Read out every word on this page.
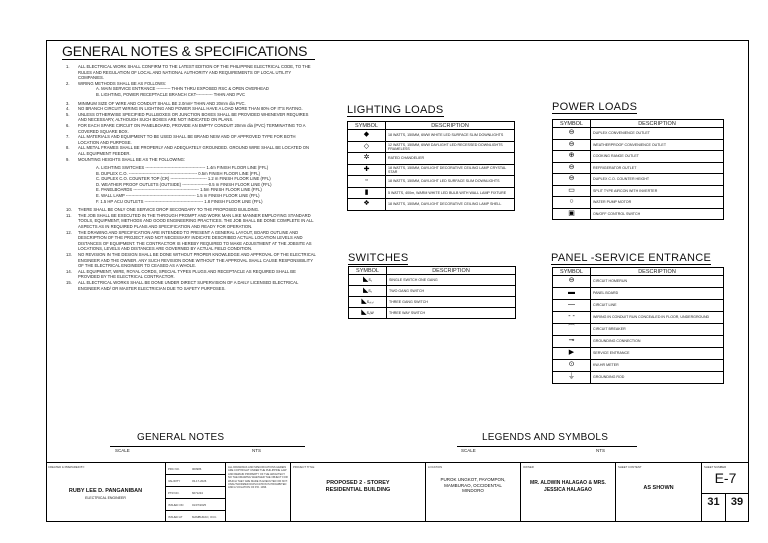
GENERAL NOTES & SPECIFICATIONS
1.	ALL ELECTRICAL WORK SHALL CONFIRM TO THE LATEST EDITION OF THE PHILIPPINE ELECTRICAL CODE, TO THE RULES AND REGULATION OF LOCAL AND NATIONAL AUTHORITY AND REQUIREMENTS OF LOCAL UTILITY COMPANIES.
2.	WIRING METHODS SHALL BE AS FOLLOWS:
A. MAIN SERVICE ENTRANCE ---------- THHN THRU EXPOSED RSC & OPEN OVERHEAD
B. LIGHTING, POWER RECEPTACLE BRANCH CKT------------ THHN AND PVC
3.	MINIMUM SIZE OF WIRE AND CONDUIT SHALL BE 2.0mm² THHN AND 20mm dia PVC.
4.	NO BRANCH CIRCUIT WIRING IN LIGHTING AND POWER SHALL HAVE A LOAD MORE THAN 80% OF IT'S RATING.
5.	UNLESS OTHERWISE SPECIFIED PULLBOXES OR JUNCTION BOXES SHALL BE PROVIDED WHENEVER REQUIRES AND NECESSARY, ALTHOUGH SUCH BOXES ARE NOT INDICATED ON PLANS.
6.	FOR EACH SPARE CIRCUIT ON PANELBOARD, PROVIDE AN EMPTY CONDUIT 20mm dia (PVC) TERMINATING TO A COVERED SQUARE BOX.
7.	ALL MATERIALS AND EQUIPMENT TO BE USED SHALL BE BRAND NEW AND OF APPROVED TYPE FOR BOTH LOCATION AND PURPOSE.
8.	ALL METAL FRAMES SHALL BE PROPERLY AND ADEQUATELY GROUNDED. GROUND WIRE SHALL BE LOCATED ON ALL EQUIPMENT FEEDER.
9.	MOUNTING HEIGHTS SHALL BE AS THE FOLLOWING:
A. LIGHTING SWITCHES ------------------------------------------- 1.4m FINISH FLOOR LINE (FFL)
B. DUPLEX C.O. ------------------------------------------------- 0.5m FINISH FLOOR LINE (FFL)
C. DUPLEX C.O. COUNTER TOP (CR) -------------------------- 1.2 m FINISH FLOOR LINE (FFL)
D. WEATHER PROOF OUTLETS (OUTSIDE) -------------------0.5 m FINISH FLOOR LINE (FFL)
E. PANELBOARDS ----------------------------------------------- 1.5m FINISH FLOOR LINE (FFL)
E. WALL LAMP -------------------------------------------------- 1.5 m FINISH FLOOR LINE (FFL)
F. 1.5 HP ACU OUTLETS ------------------------------------------ 1.8 FINISH FLOOR LINE (FFL)
10.	THERE SHALL BE ONLY ONE SERVICE DROP SECONDARY TO THE PROPOSED BUILDING.
11.	THE JOB SHALL BE EXECUTED IN THE THROUGH PROMPT AND WORK MAN LIKE MANNER EMPLOYING STANDARD TOOLS, EQUIPMENT, METHODS AND GOOD ENGINEERING PRACTICES. THE JOB SHALL BE DONE COMPLETE IN ALL ASPECTS AS IN REQUIRED PLANS AND SPECIFICATION AND READY FOR OPERATION.
12.	THE DRAWING AND SPECIFICATION ARE INTENDED TO PRESENT A GENERAL LAYOUT, BOARD OUTLINE AND DESCRIPTION OF THE PROJECT AND NOT NECESSARY INDICATE DESCRIBED ACTUAL LOCATION LEVELS AND DISTANCES OF EQUIPMENT. THE CONTRACTOR IS HEREBY REQUIRED TO MAKE ADJUSTMENT AT THE JOBSITE AS LOCATIONS, LEVELS AND DISTANCES ARE GOVERNED BY ACTUAL FIELD CONDITION.
13.	NO REVISION IN THE DESIGN SHALL BE DONE WITHOUT PROPER KNOWLEDGE AND APPROVAL OF THE ELECTRICAL ENGINEER AND THE OWNER. ANY SUCH REVISION DONE WITHOUT THE APPROVAL SHALL CAUSE RESPONSIBILITY OF THE ELECTRICAL ENGINEER TO CEASED AS A WHOLE.
14.	ALL EQUIPMENT, WIRE, ROYAL CORDS, SPECIAL TYPES PLUGS AND RECEPTACLE AS REQUIRED SHALL BE PROVIDED BY THE ELECTRICAL CONTRACTOR.
15.	ALL ELECTRICAL WORKS SHALL BE DONE UNDER DIRECT SUPERVISION OF A DAILY LICENSED ELECTRICAL ENGINEER AND/ OR MASTER ELECTRICIAN DUE TO SAFETY PURPOSES.
LIGHTING LOADS
SYMBOL	DESCRIPTION
◆	18 WATTS, 150MM, 6WW WHITE LED SURFACE SLIM DOWNLIGHTS
◇	12 WATTS, 150MM, 6WW DAYLIGHT LED RECESSED DOWNLIGHTS FRAMELESS
✲	RATED CHANDELIER
✚	18 WATTS, 150MM, DAYLIGHT DECORATIVE CEILING LAMP CRYSTAL STAR
▫	18 WATTS, 150MM, DAYLIGHT LED SURFACE SLIM DOWNLIGHTS
▮	5 WATTS, 400m, WARM WHITE LED BULB WITH WALL LAMP FIXTURE
❖	18 WATTS, 150MM, DAYLIGHT DECORATIVE CEILING LAMP SHELL
SWITCHES
SYMBOL	DESCRIPTION
◣S₁	SINGLE SWITCH ONE GANG
◣S₂	TWO GANG SWITCH
◣S₃₍₃₎	THREE GANG SWITCH
◣S₃W	THREE WAY SWITCH
POWER LOADS
SYMBOL	DESCRIPTION
⊖	DUPLEX CONVENIENCE OUTLET
⊖	WEATHERPROOF CONVENIENCE OUTLET
⊕	COOKING RANGE OUTLET
⊖	REFRIGERATOR OUTLET
⊖	DUPLEX C.O. COUNTER HEIGHT
▭	SPLIT TYPE AIRCON WITH INVERTER
○	WATER PUMP MOTOR
▣	ON/OFF CONTROL SWITCH
PANEL -SERVICE ENTRANCE
SYMBOL	DESCRIPTION
⊖	CIRCUIT HOMERUN
▬	PANEL BOARD
—	CIRCUIT LINE
- -	WIRING IN CONDUIT RUN CONCEALED IN FLOOR, UNDERGROUND
⌒	CIRCUIT BREAKER
⊸	GROUNDING CONNECTION
▶	SERVICE ENTRANCE
⊙	KW-HR METER
⏚	GROUNDING ROD
GENERAL NOTES
SCALE	NTS
LEGENDS AND SYMBOLS
SCALE	NTS
CREATED & PREPARED BY:
RUBY LEE D. PANGANIBAN
ELECTRICAL ENGINEER
PRC NO.	000986
VALIDITY	03-17-2026
PTR NO.	6671234
ISSUED ON	01/07/2025
ISSUED AT	MAMBURAO, OCC.
ALL DRAWINGS AND SPECIFICATIONS HEREIN ARE COPYRIGHT UNDER THE PHILIPPINE LAW AND REMAIN PROPERTY OF THE ARCHITECT. NO THE DRAWING WHETHER THE OBJECT FOR WHICH THEY ARE MADE IS EXECUTED OR NOT. UNAUTHORIZED DUPLICATION IS PROHIBITED AND A VIOLATION OF P.D. 1096.
PROJECT TITLE
PROPOSED 2 - STOREY RESIDENTIAL BUILDING
LOCATION
PUROK UNGKOT, PAYOMPON, MAMBURAO, OCCIDENTAL MINDORO
OWNER
MR. ALDWIN HALAGAO & MRS. JESSICA HALAGAO
SHEET CONTENT
AS SHOWN
SHEET NUMBER
E-7
31	39
